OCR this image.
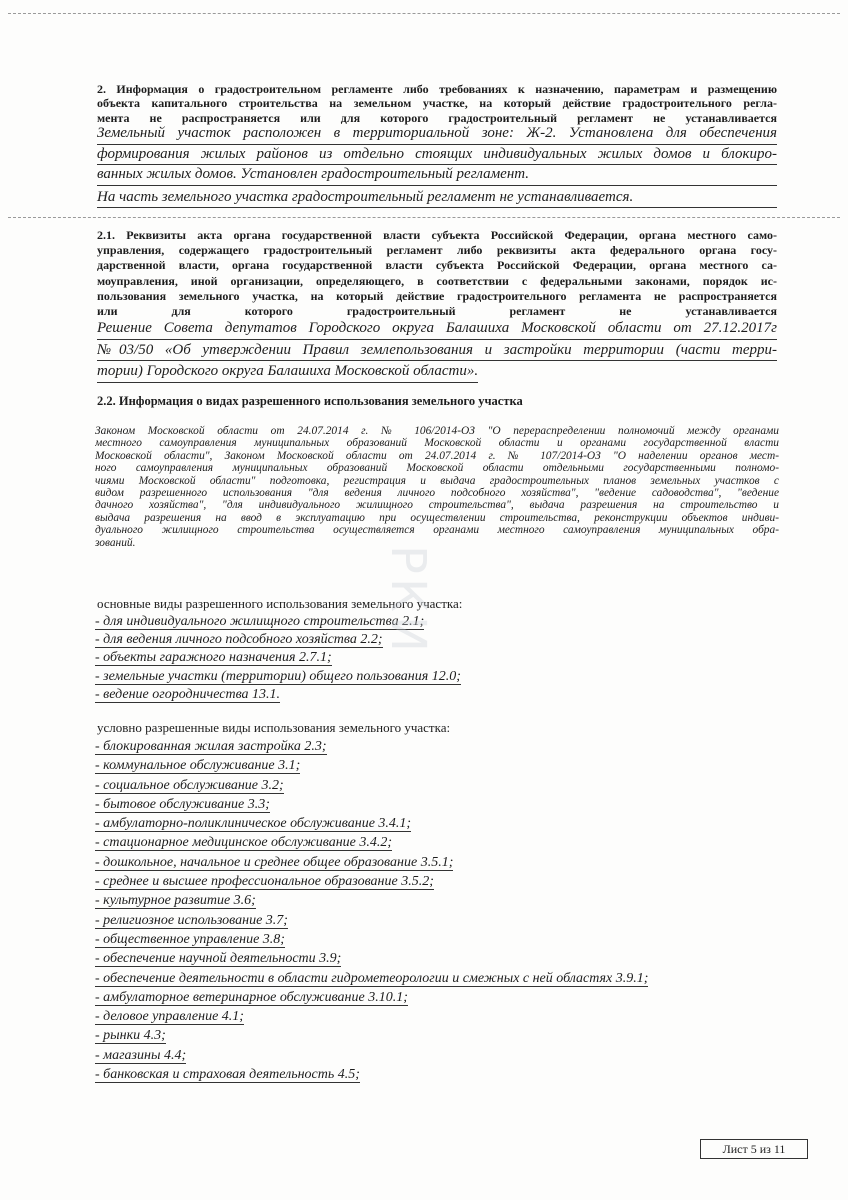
2. Информация о градостроительном регламенте либо требованиях к назначению, параметрам и размещению
объекта капитального строительства на земельном участке, на который действие градостроительного регла-
мента не распространяется или для которого градостроительный регламент не устанавливается
Земельный участок расположен в территориальной зоне: Ж-2. Установлена для обеспечения
формирования жилых районов из отдельно стоящих индивидуальных жилых домов и блокиро-
ванных жилых домов. Установлен градостроительный регламент.
На часть земельного участка градостроительный регламент не устанавливается.
2.1. Реквизиты акта органа государственной власти субъекта Российской Федерации, органа местного само-
управления, содержащего градостроительный регламент либо реквизиты акта федерального органа госу-
дарственной власти, органа государственной власти субъекта Российской Федерации, органа местного са-
моуправления, иной организации, определяющего, в соответствии с федеральными законами, порядок ис-
пользования земельного участка, на который действие градостроительного регламента не распространяется
или для которого градостроительный регламент не устанавливается
Решение Совета депутатов Городского округа Балашиха Московской области от 27.12.2017г
№03/50 «Об утверждении Правил землепользования и застройки территории (части терри-
тории) Городского округа Балашиха Московской области».
2.2. Информация о видах разрешенного использования земельного участка
Законом Московской области от 24.07.2014 г. № 106/2014-ОЗ "О перераспределении полномочий между органами
местного самоуправления муниципальных образований Московской области и органами государственной власти
Московской области", Законом Московской области от 24.07.2014 г. № 107/2014-ОЗ "О наделении органов мест-
ного самоуправления муниципальных образований Московской области отдельными государственными полномо-
чиями Московской области" подготовка, регистрация и выдача градостроительных планов земельных участков с
видом разрешенного использования "для ведения личного подсобного хозяйства", "ведение садоводства", "ведение
дачного хозяйства", "для индивидуального жилищного строительства", выдача разрешения на строительство и
выдача разрешения на ввод в эксплуатацию при осуществлении строительства, реконструкции объектов индиви-
дуального жилищного строительства осуществляется органами местного самоуправления муниципальных обра-
зований.
основные виды разрешенного использования земельного участка:
- для индивидуального жилищного строительства 2.1;
- для ведения личного подсобного хозяйства 2.2;
- объекты гаражного назначения 2.7.1;
- земельные участки (территории) общего пользования 12.0;
- ведение огородничества 13.1.
условно разрешенные виды использования земельного участка:
- блокированная жилая застройка 2.3;
- коммунальное обслуживание 3.1;
- социальное обслуживание 3.2;
- бытовое обслуживание 3.3;
- амбулаторно-поликлиническое обслуживание 3.4.1;
- стационарное медицинское обслуживание 3.4.2;
- дошкольное, начальное и среднее общее образование 3.5.1;
- среднее и высшее профессиональное образование 3.5.2;
- культурное развитие 3.6;
- религиозное использование 3.7;
- общественное управление 3.8;
- обеспечение научной деятельности 3.9;
- обеспечение деятельности в области гидрометеорологии и смежных с ней областях 3.9.1;
- амбулаторное ветеринарное обслуживание 3.10.1;
- деловое управление 4.1;
- рынки 4.3;
- магазины 4.4;
- банковская и страховая деятельность 4.5;
РКИ
Лист 5 из 11
